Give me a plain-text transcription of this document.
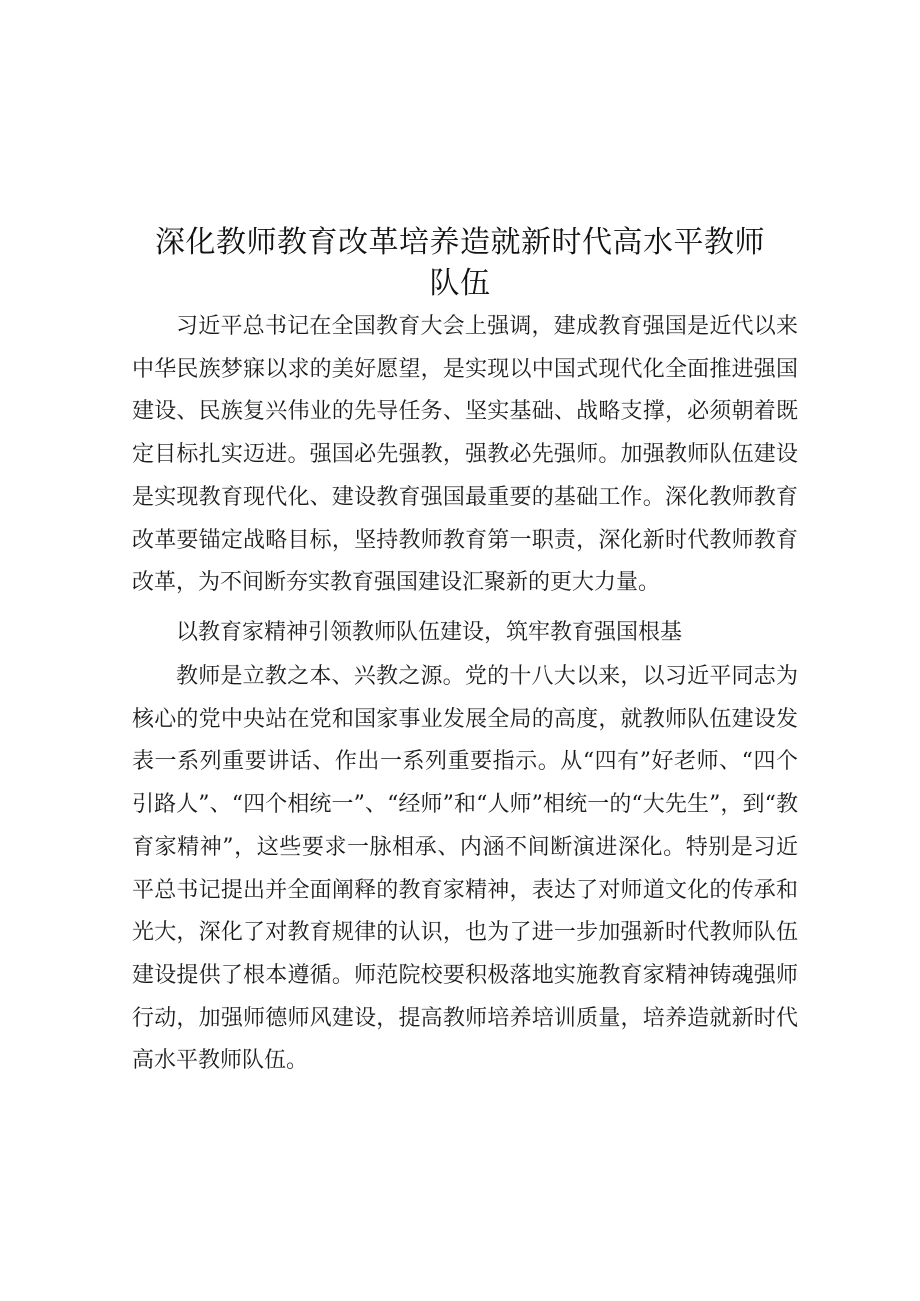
深化教师教育改革培养造就新时代高水平教师队伍

习近平总书记在全国教育大会上强调，建成教育强国是近代以来中华民族梦寐以求的美好愿望，是实现以中国式现代化全面推进强国建设、民族复兴伟业的先导任务、坚实基础、战略支撑，必须朝着既定目标扎实迈进。强国必先强教，强教必先强师。加强教师队伍建设是实现教育现代化、建设教育强国最重要的基础工作。深化教师教育改革要锚定战略目标，坚持教师教育第一职责，深化新时代教师教育改革，为不间断夯实教育强国建设汇聚新的更大力量。

以教育家精神引领教师队伍建设，筑牢教育强国根基

教师是立教之本、兴教之源。党的十八大以来，以习近平同志为核心的党中央站在党和国家事业发展全局的高度，就教师队伍建设发表一系列重要讲话、作出一系列重要指示。从“四有”好老师、“四个引路人”、“四个相统一”、“经师”和“人师”相统一的“大先生”，到“教育家精神”，这些要求一脉相承、内涵不间断演进深化。特别是习近平总书记提出并全面阐释的教育家精神，表达了对师道文化的传承和光大，深化了对教育规律的认识，也为了进一步加强新时代教师队伍建设提供了根本遵循。师范院校要积极落地实施教育家精神铸魂强师行动，加强师德师风建设，提高教师培养培训质量，培养造就新时代高水平教师队伍。
